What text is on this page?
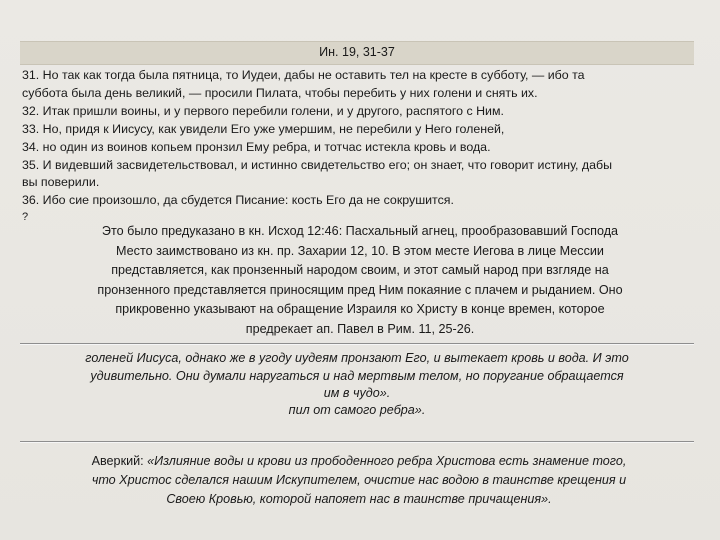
Ин. 19, 31-37

31. Но так как тогда была пятница, то Иудеи, дабы не оставить тел на кресте в субботу, — ибо та

суббота была день великий, — просили Пилата, чтобы перебить у них голени и снять их.

32. Итак пришли воины, и у первого перебили голени, и у другого, распятого с Ним.

33. Но, придя к Иисусу, как увидели Его уже умершим, не перебили у Него голеней,

34. но один из воинов копьем пронзил Ему ребра, и тотчас истекла кровь и вода.

35. И видевший засвидетельствовал, и истинно свидетельство его; он знает, что говорит истину, дабы

вы поверили.

36. Ибо сие произошло, да сбудется Писание: кость Его да не сокрушится.

?

Это было предуказано в кн. Исход 12:46: Пасхальный агнец, прообразовавший Господа

Место заимствовано из кн. пр. Захарии 12, 10. В этом месте Иегова в лице Мессии

представляется, как пронзенный народом своим, и этот самый народ при взгляде на

пронзенного представляется приносящим пред Ним покаяние с плачем и рыданием. Оно

прикровенно указывают на обращение Израиля ко Христу в конце времен, которое

предрекает ап. Павел в Рим. 11, 25-26.

голеней Иисуса, однако же в угоду иудеям пронзают Его, и вытекает кровь и вода. И это

удивительно. Они думали наругаться и над мертвым телом, но поругание обращается

им в чудо».

пил от самого ребра».

Аверкий: «Излияние воды и крови из прободенного ребра Христова есть знамение того,
что Христос сделался нашим Искупителем, очистие нас водою в таинстве крещения и
Своею Кровью, которой напояет нас в таинстве причащения».
